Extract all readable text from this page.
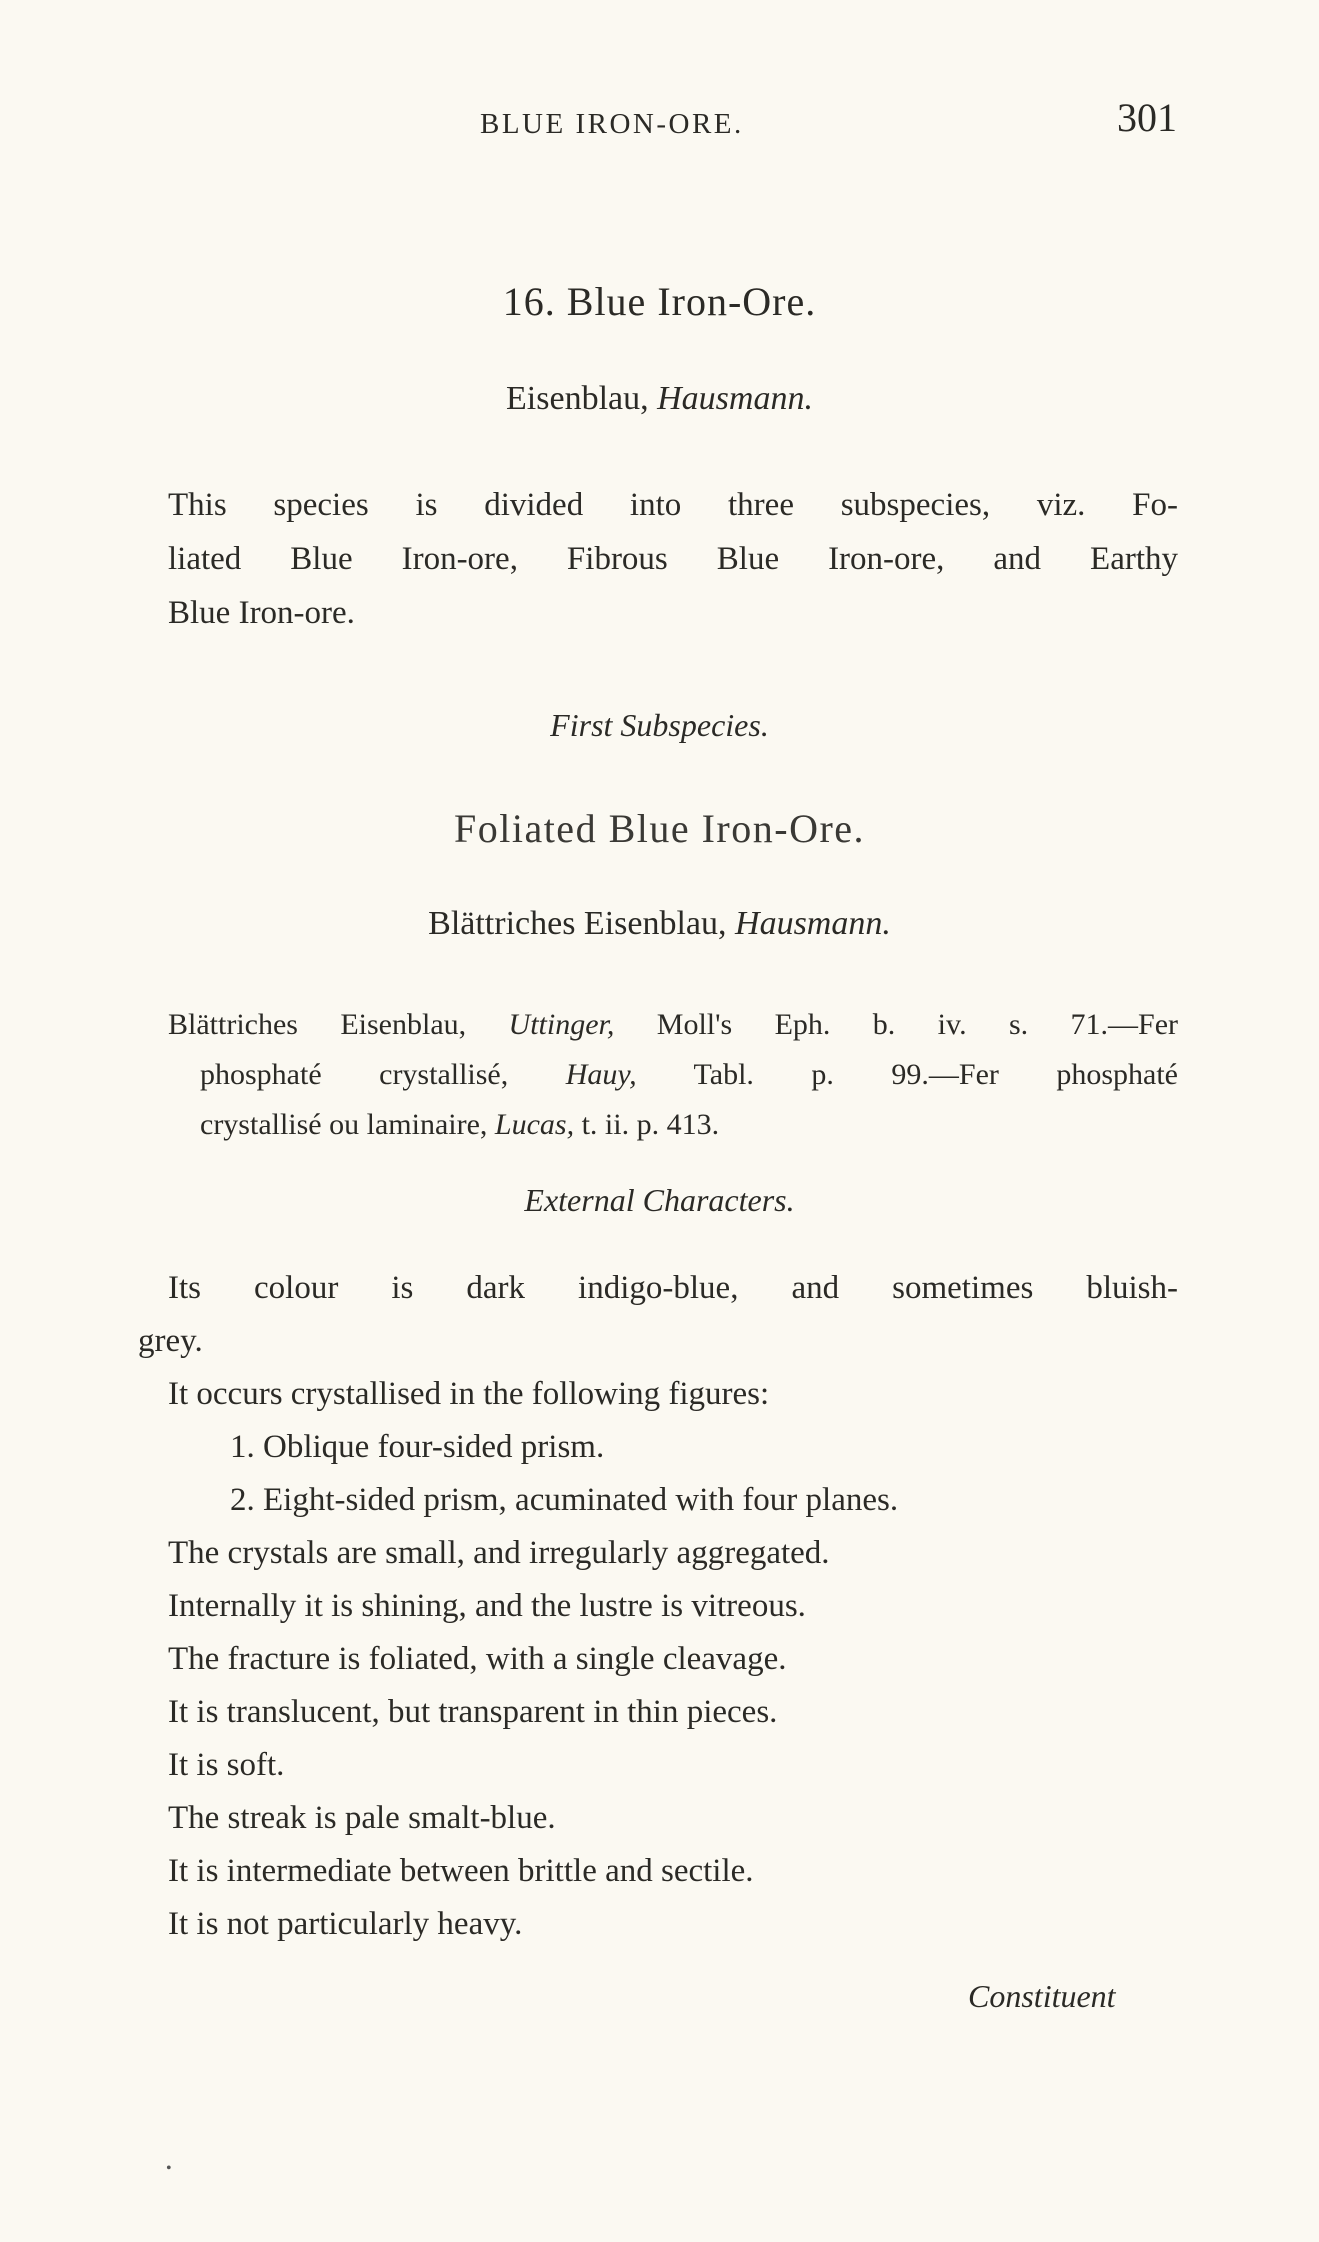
BLUE IRON-ORE.	301
16. Blue Iron-Ore.
Eisenblau, Hausmann.
This species is divided into three subspecies, viz. Fo-
liated Blue Iron-ore, Fibrous Blue Iron-ore, and Earthy
Blue Iron-ore.
First Subspecies.
Foliated Blue Iron-Ore.
Blättriches Eisenblau, Hausmann.
Blättriches Eisenblau, Uttinger, Moll's Eph. b. iv. s. 71.—Fer
phosphaté crystallisé, Hauy, Tabl. p. 99.—Fer phosphaté
crystallisé ou laminaire, Lucas, t. ii. p. 413.
External Characters.
Its colour is dark indigo-blue, and sometimes bluish-
grey.
It occurs crystallised in the following figures:
1. Oblique four-sided prism.
2. Eight-sided prism, acuminated with four planes.
The crystals are small, and irregularly aggregated.
Internally it is shining, and the lustre is vitreous.
The fracture is foliated, with a single cleavage.
It is translucent, but transparent in thin pieces.
It is soft.
The streak is pale smalt-blue.
It is intermediate between brittle and sectile.
It is not particularly heavy.
Constituent
•
